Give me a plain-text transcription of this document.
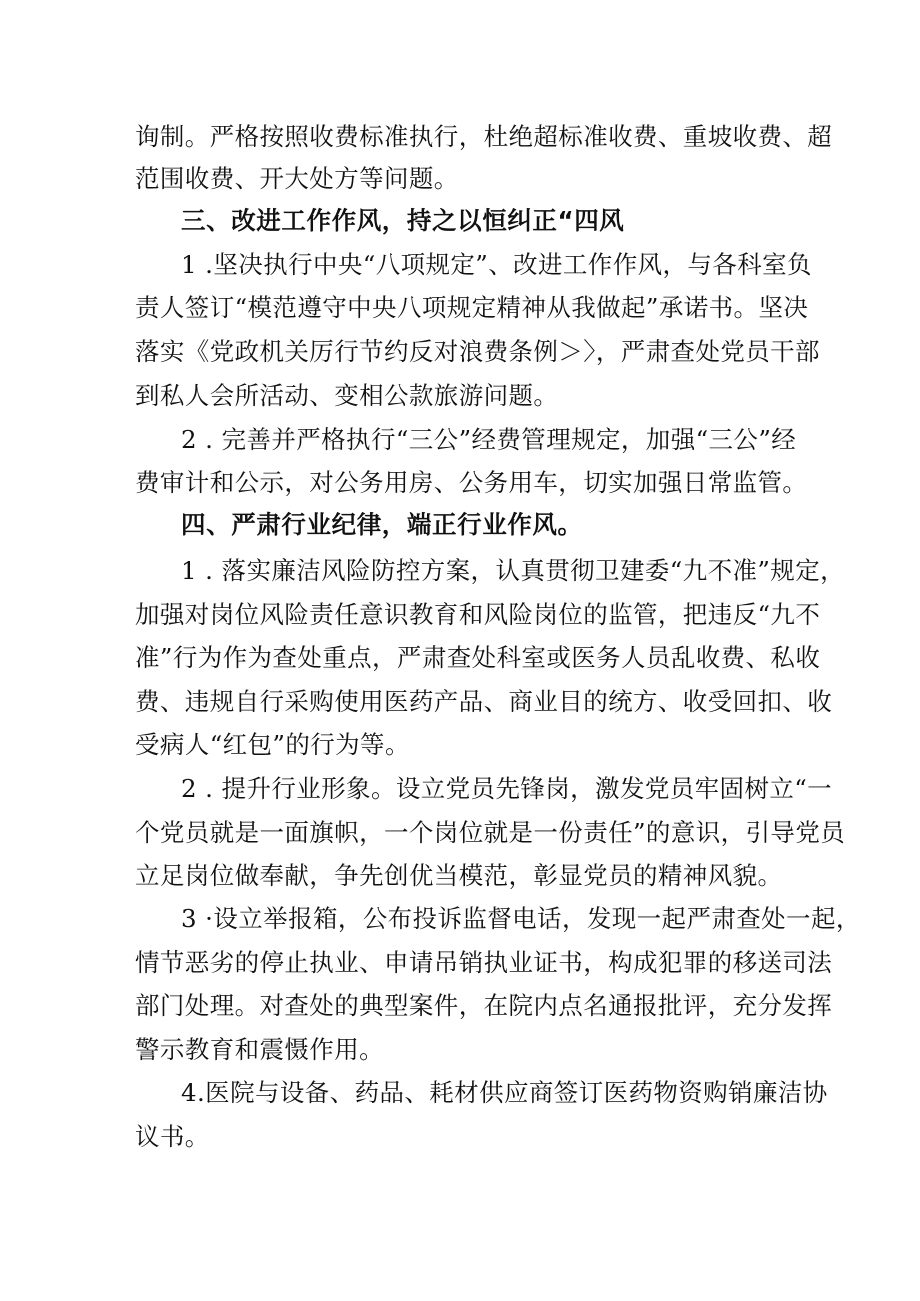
询制。严格按照收费标准执行，杜绝超标准收费、重坡收费、超
范围收费、开大处方等问题。
三、改进工作作风，持之以恒纠正“四风
1 .坚决执行中央“八项规定”、改进工作作风，与各科室负
责人签订“模范遵守中央八项规定精神从我做起”承诺书。坚决
落实《党政机关厉行节约反对浪费条例＞〉，严肃查处党员干部
到私人会所活动、变相公款旅游问题。
2 . 完善并严格执行“三公”经费管理规定，加强“三公”经
费审计和公示，对公务用房、公务用车，切实加强日常监管。
四、严肃行业纪律，端正行业作风。
1 . 落实廉洁风险防控方案，认真贯彻卫建委“九不准”规定，
加强对岗位风险责任意识教育和风险岗位的监管，把违反“九不
准”行为作为查处重点，严肃查处科室或医务人员乱收费、私收
费、违规自行采购使用医药产品、商业目的统方、收受回扣、收
受病人“红包”的行为等。
2 . 提升行业形象。设立党员先锋岗，激发党员牢固树立“一
个党员就是一面旗帜，一个岗位就是一份责任”的意识，引导党员
立足岗位做奉献，争先创优当模范，彰显党员的精神风貌。
3 ·设立举报箱，公布投诉监督电话，发现一起严肃查处一起，
情节恶劣的停止执业、申请吊销执业证书，构成犯罪的移送司法
部门处理。对查处的典型案件，在院内点名通报批评，充分发挥
警示教育和震慑作用。
4.医院与设备、药品、耗材供应商签订医药物资购销廉洁协
议书。
